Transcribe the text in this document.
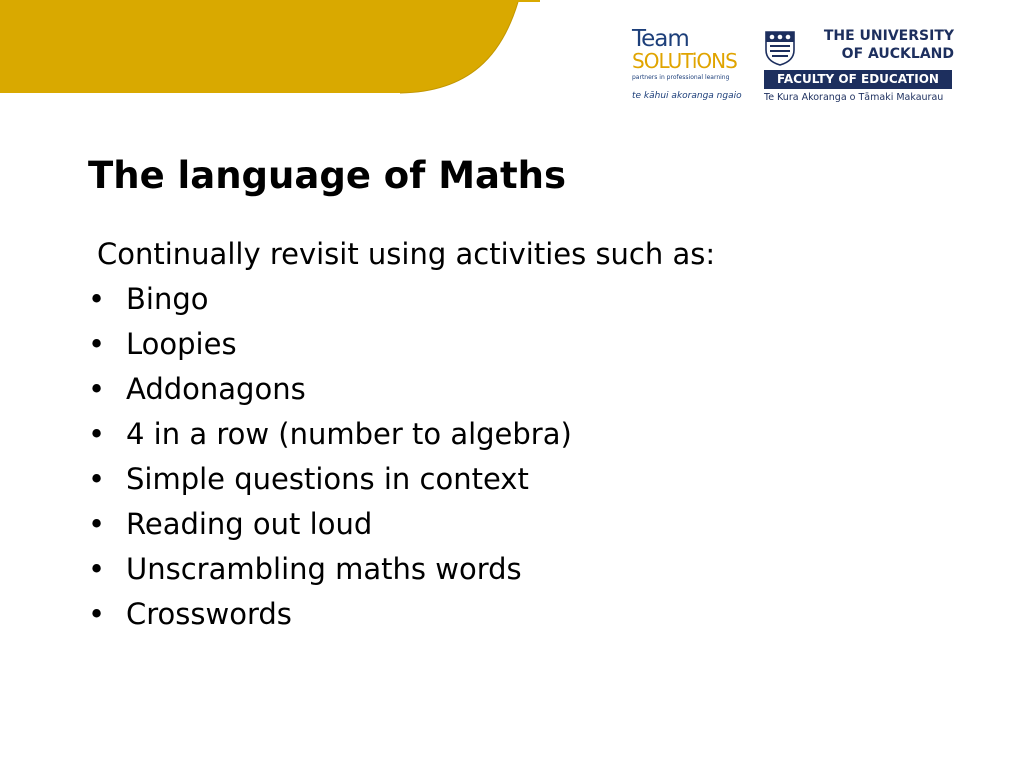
Team
SOLUTiONS
partners in professional learning
te kāhui akoranga ngaio
THE UNIVERSITY
OF AUCKLAND
FACULTY OF EDUCATION
Te Kura Akoranga o Tāmaki Makaurau
The language of Maths
Continually revisit using activities such as:
• Bingo
• Loopies
• Addonagons
• 4 in a row (number to algebra)
• Simple questions in context
• Reading out loud
• Unscrambling maths words
• Crosswords
